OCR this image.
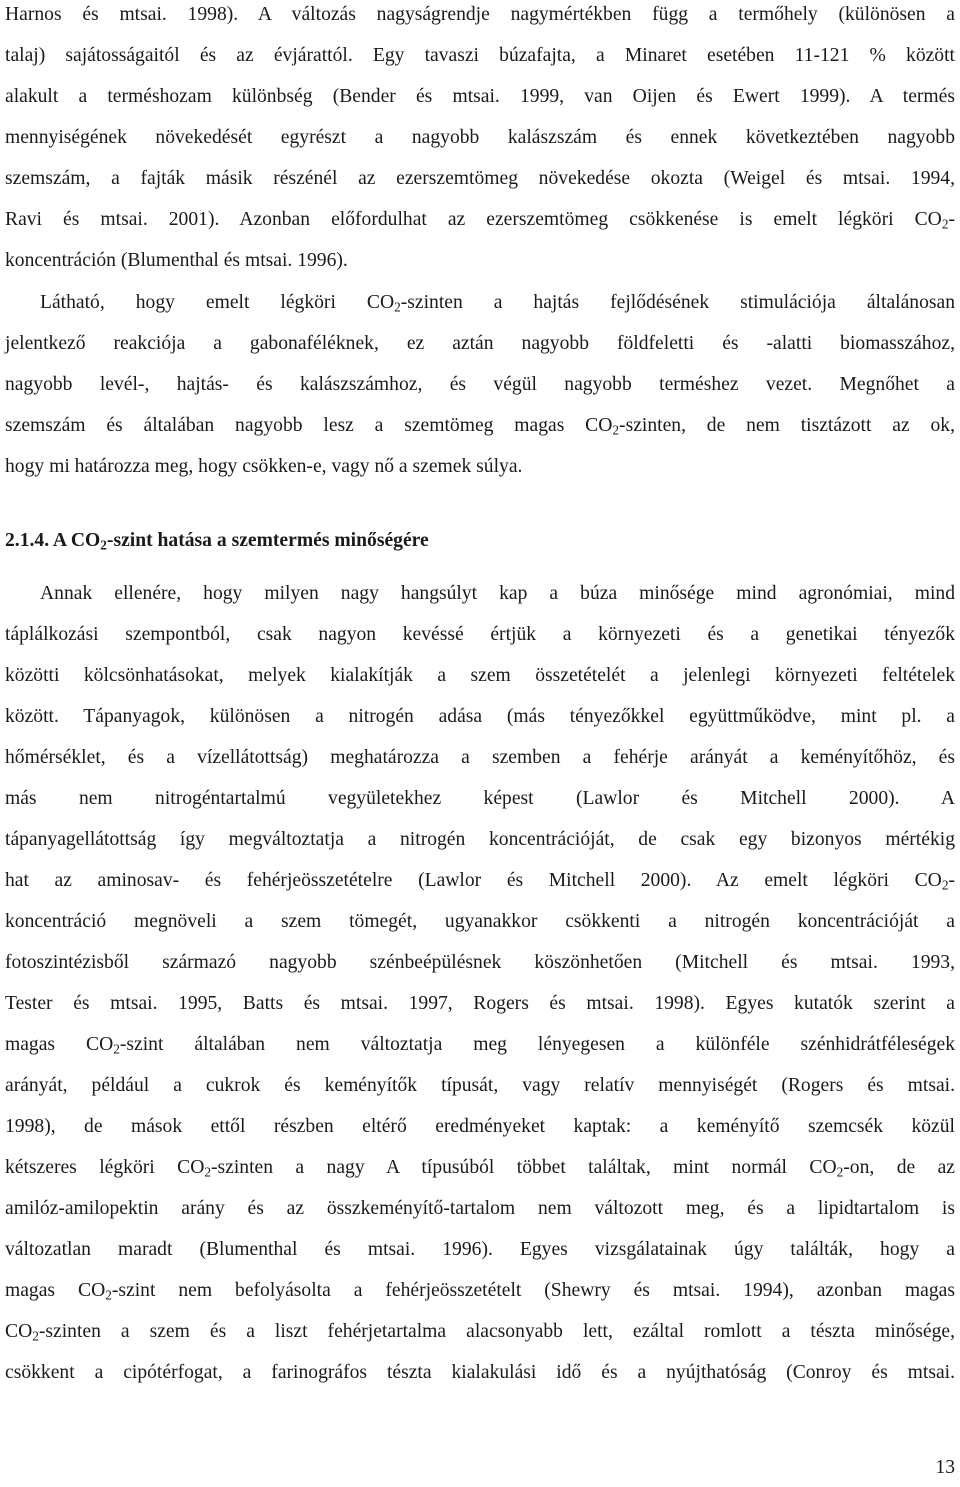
Harnos és mtsai. 1998). A változás nagyságrendje nagymértékben függ a termőhely (különösen a
talaj) sajátosságaitól és az évjárattól. Egy tavaszi búzafajta, a Minaret esetében 11-121 % között
alakult a terméshozam különbség (Bender és mtsai. 1999, van Oijen és Ewert 1999). A termés
mennyiségének növekedését egyrészt a nagyobb kalászszám és ennek következtében nagyobb
szemszám, a fajták másik részénél az ezerszemtömeg növekedése okozta (Weigel és mtsai. 1994,
Ravi és mtsai. 2001). Azonban előfordulhat az ezerszemtömeg csökkenése is emelt légköri $CO_2-$
koncentráción (Blumenthal és mtsai. 1996).
Látható, hogy emelt légköri $CO_2$-szinten a hajtás fejlődésének stimulációja általánosan
jelentkező reakciója a gabonaféléknek, ez aztán nagyobb földfeletti és -alatti biomasszához,
nagyobb levél-, hajtás- és kalászszámhoz, és végül nagyobb terméshez vezet. Megnőhet a
szemszám és általában nagyobb lesz a szemtömeg magas $CO_2$-szinten, de nem tisztázott az ok,
hogy mi határozza meg, hogy csökken-e, vagy nő a szemek súlya.
2.1.4. A $CO_2$-szint hatása a szemtermés minőségére
Annak ellenére, hogy milyen nagy hangsúlyt kap a búza minősége mind agronómiai, mind
táplálkozási szempontból, csak nagyon kevéssé értjük a környezeti és a genetikai tényezők
közötti kölcsönhatásokat, melyek kialakítják a szem összetételét a jelenlegi környezeti feltételek
között. Tápanyagok, különösen a nitrogén adása (más tényezőkkel együttműködve, mint pl. a
hőmérséklet, és a vízellátottság) meghatározza a szemben a fehérje arányát a keményítőhöz, és
más nem nitrogéntartalmú vegyületekhez képest (Lawlor és Mitchell 2000). A
tápanyagellátottság így megváltoztatja a nitrogén koncentrációját, de csak egy bizonyos mértékig
hat az aminosav- és fehérjeösszetételre (Lawlor és Mitchell 2000). Az emelt légköri $CO_2-$
koncentráció megnöveli a szem tömegét, ugyanakkor csökkenti a nitrogén koncentrációját a
fotoszintézisből származó nagyobb szénbeépülésnek köszönhetően (Mitchell és mtsai. 1993,
Tester és mtsai. 1995, Batts és mtsai. 1997, Rogers és mtsai. 1998). Egyes kutatók szerint a
magas $CO_2$-szint általában nem változtatja meg lényegesen a különféle szénhidrátféleségek
arányát, például a cukrok és keményítők típusát, vagy relatív mennyiségét (Rogers és mtsai.
1998), de mások ettől részben eltérő eredményeket kaptak: a keményítő szemcsék közül
kétszeres légköri $CO_2$-szinten a nagy A típusúból többet találtak, mint normál $CO_2-on$, de az
amilóz-amilopektin arány és az összkeményítő-tartalom nem változott meg, és a lipidtartalom is
változatlan maradt (Blumenthal és mtsai. 1996). Egyes vizsgálatainak úgy találták, hogy a
magas $CO_2$-szint nem befolyásolta a fehérjeösszetételt (Shewry és mtsai. 1994), azonban magas
$CO_2$-szinten a szem és a liszt fehérjetartalma alacsonyabb lett, ezáltal romlott a tészta minősége,
csökkent a cipótérfogat, a farinográfos tészta kialakulási idő és a nyújthatóság (Conroy és mtsai.
13
